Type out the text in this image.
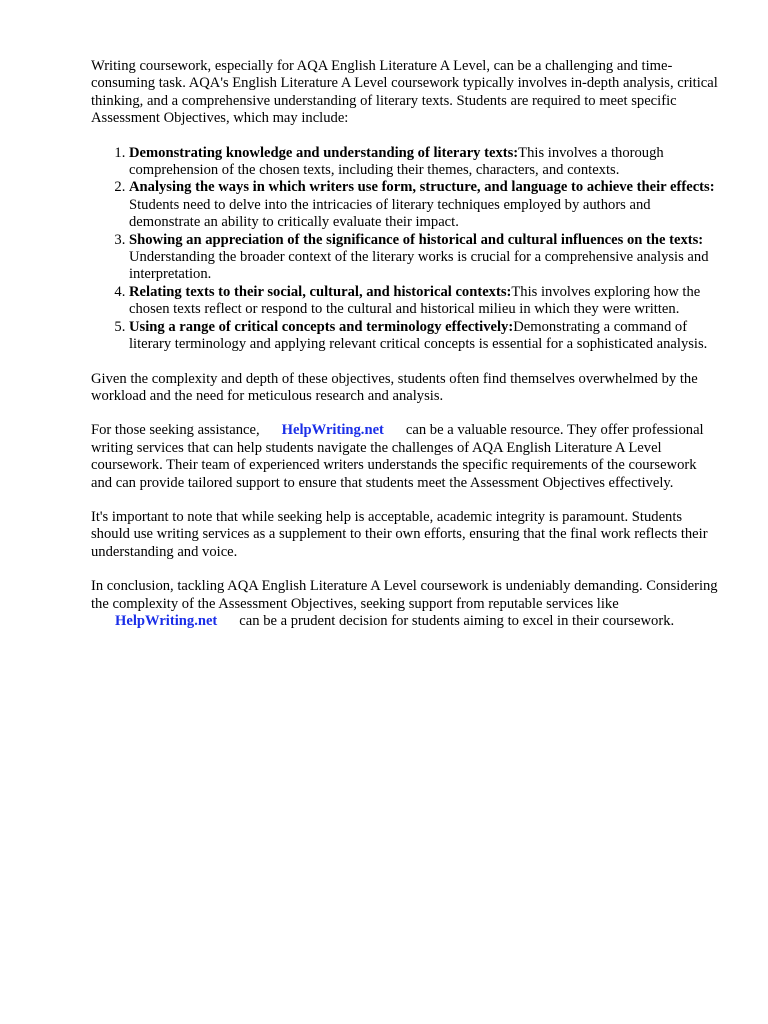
Writing coursework, especially for AQA English Literature A Level, can be a challenging and time-consuming task. AQA's English Literature A Level coursework typically involves in-depth analysis, critical thinking, and a comprehensive understanding of literary texts. Students are required to meet specific Assessment Objectives, which may include:

1. Demonstrating knowledge and understanding of literary texts:This involves a thorough comprehension of the chosen texts, including their themes, characters, and contexts.
2. Analysing the ways in which writers use form, structure, and language to achieve their effects: Students need to delve into the intricacies of literary techniques employed by authors and demonstrate an ability to critically evaluate their impact.
3. Showing an appreciation of the significance of historical and cultural influences on the texts: Understanding the broader context of the literary works is crucial for a comprehensive analysis and interpretation.
4. Relating texts to their social, cultural, and historical contexts:This involves exploring how the chosen texts reflect or respond to the cultural and historical milieu in which they were written.
5. Using a range of critical concepts and terminology effectively:Demonstrating a command of literary terminology and applying relevant critical concepts is essential for a sophisticated analysis.

Given the complexity and depth of these objectives, students often find themselves overwhelmed by the workload and the need for meticulous research and analysis.

For those seeking assistance, HelpWriting.net can be a valuable resource. They offer professional writing services that can help students navigate the challenges of AQA English Literature A Level coursework. Their team of experienced writers understands the specific requirements of the coursework and can provide tailored support to ensure that students meet the Assessment Objectives effectively.

It's important to note that while seeking help is acceptable, academic integrity is paramount. Students should use writing services as a supplement to their own efforts, ensuring that the final work reflects their understanding and voice.

In conclusion, tackling AQA English Literature A Level coursework is undeniably demanding. Considering the complexity of the Assessment Objectives, seeking support from reputable services likeHelpWriting.net can be a prudent decision for students aiming to excel in their coursework.
